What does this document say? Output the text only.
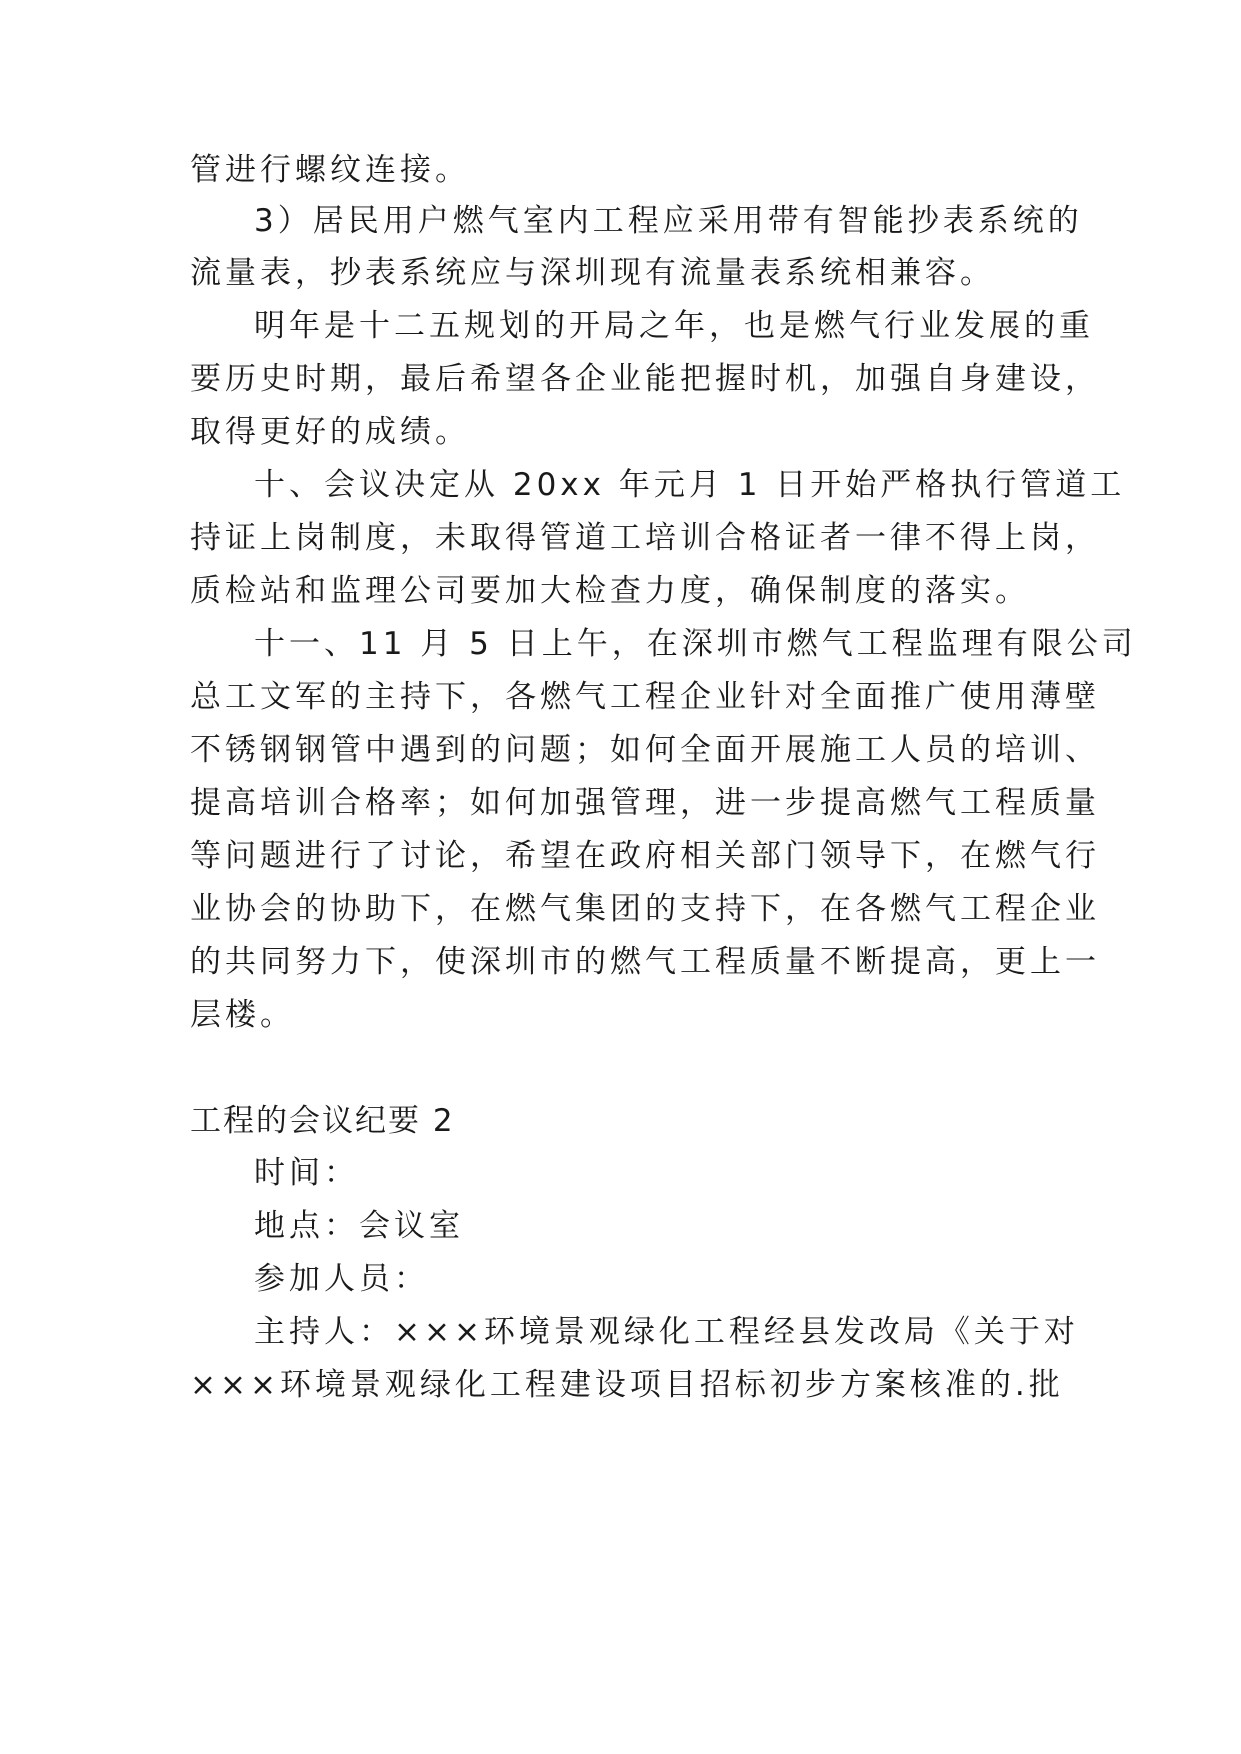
管进行螺纹连接。

3）居民用户燃气室内工程应采用带有智能抄表系统的

流量表，抄表系统应与深圳现有流量表系统相兼容。

明年是十二五规划的开局之年，也是燃气行业发展的重

要历史时期，最后希望各企业能把握时机，加强自身建设，

取得更好的成绩。

十、会议决定从 20xx 年元月 1 日开始严格执行管道工

持证上岗制度，未取得管道工培训合格证者一律不得上岗，

质检站和监理公司要加大检查力度，确保制度的落实。

十一、11 月 5 日上午，在深圳市燃气工程监理有限公司

总工文军的主持下，各燃气工程企业针对全面推广使用薄壁

不锈钢钢管中遇到的问题；如何全面开展施工人员的培训、

提高培训合格率；如何加强管理，进一步提高燃气工程质量

等问题进行了讨论，希望在政府相关部门领导下，在燃气行

业协会的协助下，在燃气集团的支持下，在各燃气工程企业

的共同努力下，使深圳市的燃气工程质量不断提高，更上一

层楼。

工程的会议纪要 2

时间：

地点：会议室

参加人员：

主持人：×××环境景观绿化工程经县发改局《关于对

×××环境景观绿化工程建设项目招标初步方案核准的.批
